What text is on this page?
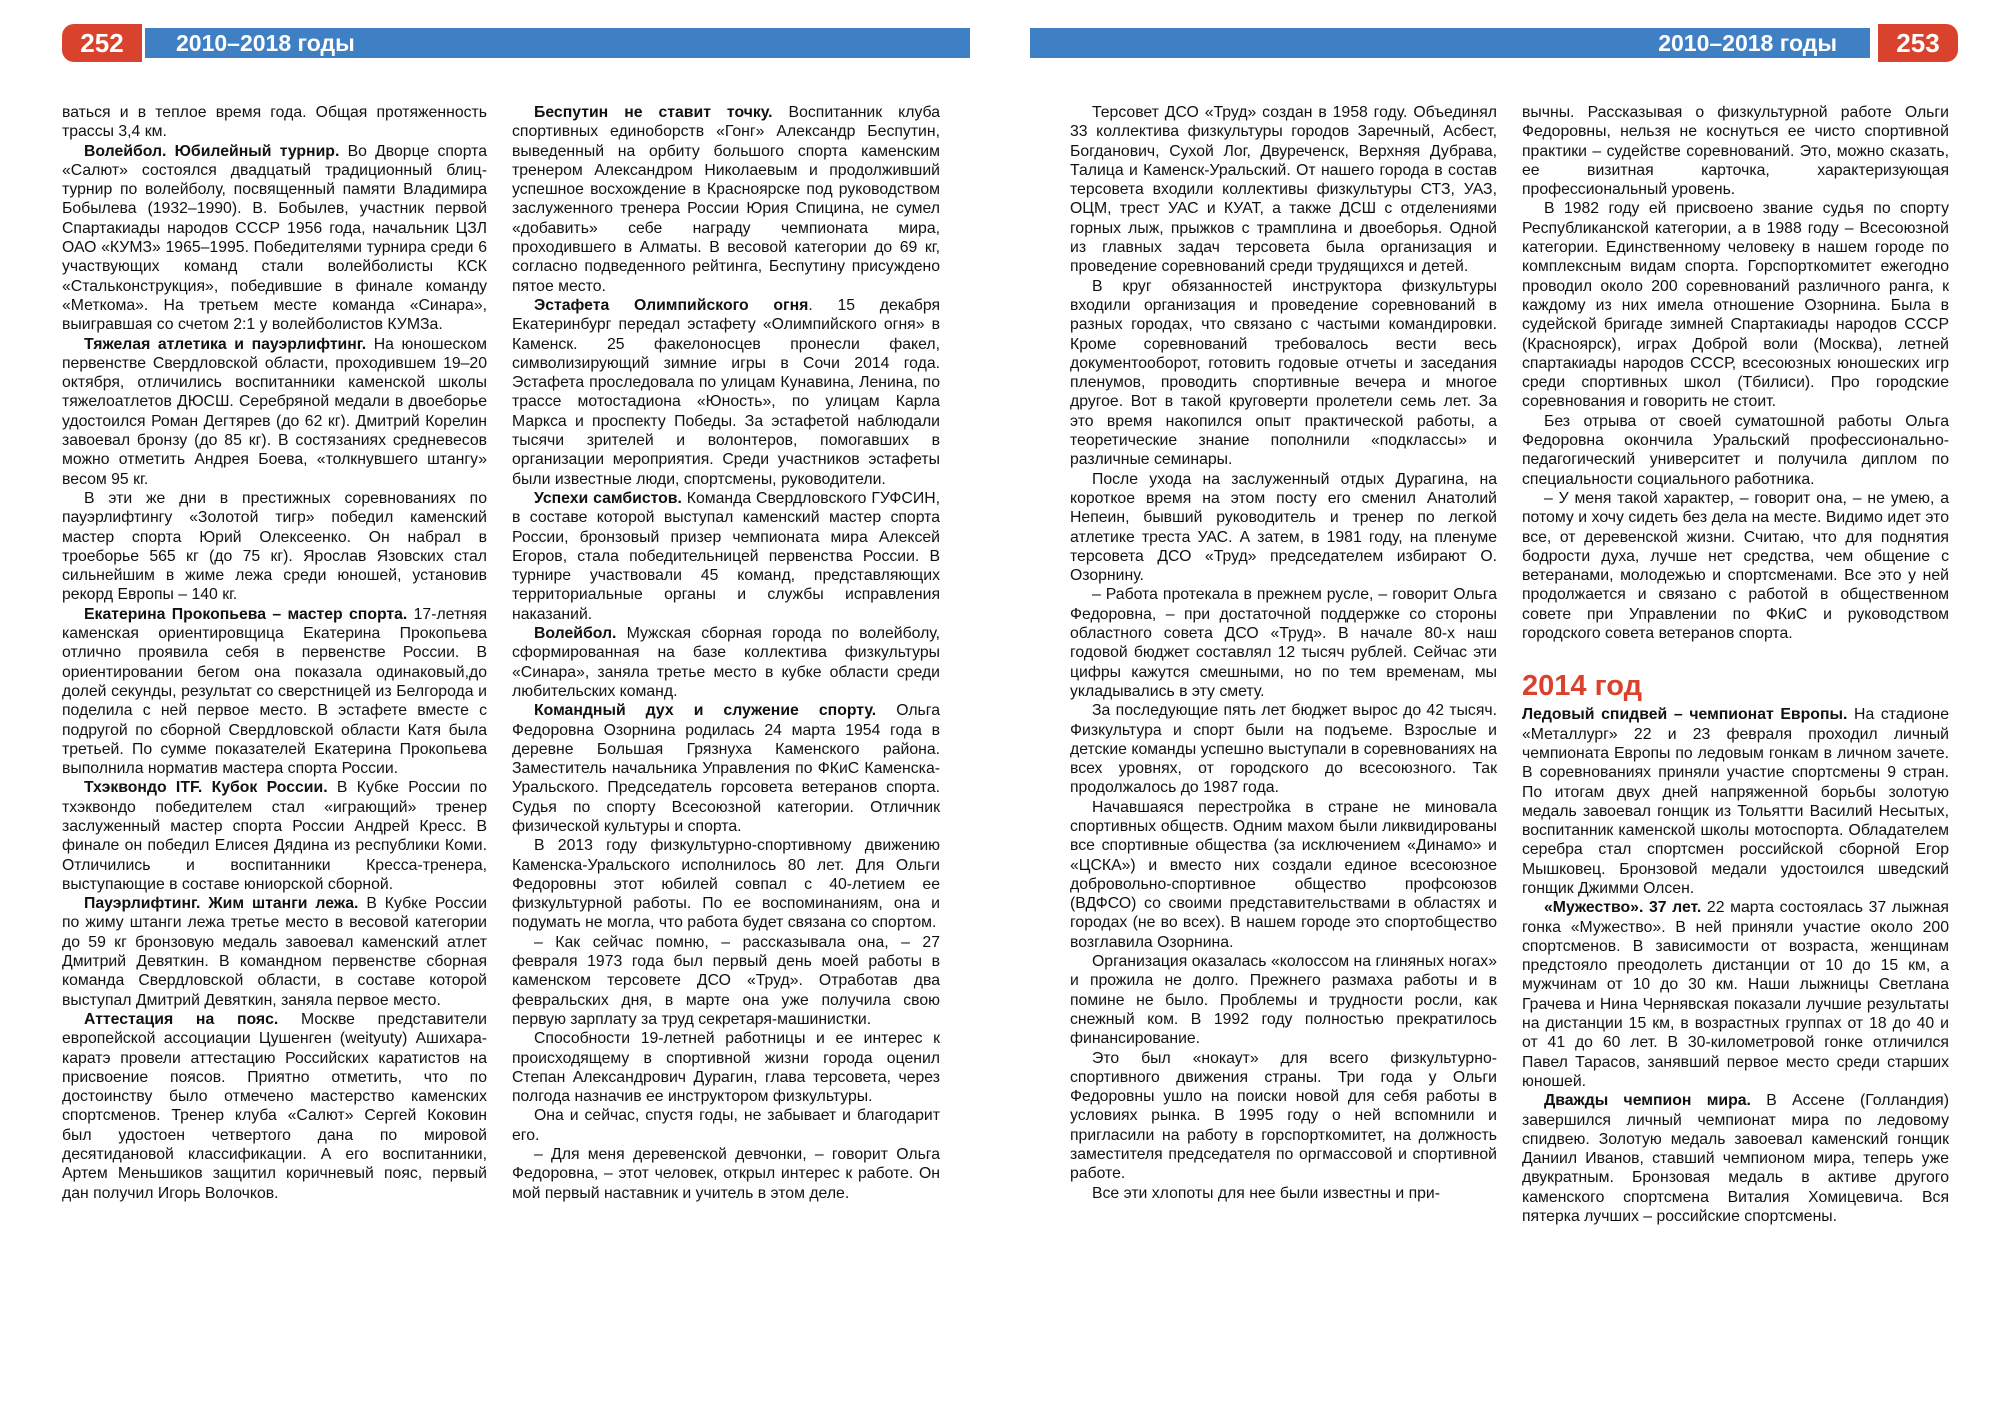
252	253
2010–2018 годы	2010–2018 годы

ваться и в теплое время года. Общая протяженность трассы 3,4 км.

Волейбол. Юбилейный турнир. Во Дворце спорта «Салют» состоялся двадцатый традиционный блиц-турнир по волейболу, посвященный памяти Владимира Бобылева (1932–1990). В. Бобылев, участник первой Спартакиады народов СССР 1956 года, начальник ЦЗЛ ОАО «КУМЗ» 1965–1995. Победителями турнира среди 6 участвующих команд стали волейболисты КСК «Стальконструкция», победившие в финале команду «Меткома». На третьем месте команда «Синара», выигравшая со счетом 2:1 у волейболистов КУМЗа.

Тяжелая атлетика и пауэрлифтинг. На юношеском первенстве Свердловской области, проходившем 19–20 октября, отличились воспитанники каменской школы тяжелоатлетов ДЮСШ. Серебряной медали в двоеборье удостоился Роман Дегтярев (до 62 кг). Дмитрий Корелин завоевал бронзу (до 85 кг). В состязаниях средневесов можно отметить Андрея Боева, «толкнувшего штангу» весом 95 кг.

В эти же дни в престижных соревнованиях по пауэрлифтингу «Золотой тигр» победил каменский мастер спорта Юрий Олексеенко. Он набрал в троеборье 565 кг (до 75 кг). Ярослав Язовских стал сильнейшим в жиме лежа среди юношей, установив рекорд Европы – 140 кг.

Екатерина Прокопьева – мастер спорта. 17-летняя каменская ориентировщица Екатерина Прокопьева отлично проявила себя в первенстве России. В ориентировании бегом она показала одинаковый,до долей секунды, результат со сверстницей из Белгорода и поделила с ней первое место. В эстафете вместе с подругой по сборной Свердловской области Катя была третьей. По сумме показателей Екатерина Прокопьева выполнила норматив мастера спорта России.

Тхэквондо ITF. Кубок России. В Кубке России по тхэквондо победителем стал «играющий» тренер заслуженный мастер спорта России Андрей Кресс. В финале он победил Елисея Дядина из республики Коми. Отличились и воспитанники Кресса-тренера, выступающие в составе юниорской сборной.

Пауэрлифтинг. Жим штанги лежа. В Кубке России по жиму штанги лежа третье место в весовой категории до 59 кг бронзовую медаль завоевал каменский атлет Дмитрий Девяткин. В командном первенстве сборная команда Свердловской области, в составе которой выступал Дмитрий Девяткин, заняла первое место.

Аттестация на пояс. Москве представители европейской ассоциации Цушенген (weityuty) Ашихара-каратэ провели аттестацию Российских каратистов на присвоение поясов. Приятно отметить, что по достоинству было отмечено мастерство каменских спортсменов. Тренер клуба «Салют» Сергей Коковин был удостоен четвертого дана по мировой десятидановой классификации. А его воспитанники, Артем Меньшиков защитил коричневый пояс, первый дан получил Игорь Волочков.

Беспутин не ставит точку. Воспитанник клуба спортивных единоборств «Гонг» Александр Беспутин, выведенный на орбиту большого спорта каменским тренером Александром Николаевым и продолживший успешное восхождение в Красноярске под руководством заслуженного тренера России Юрия Спицина, не сумел «добавить» себе награду чемпионата мира, проходившего в Алматы. В весовой категории до 69 кг, согласно подведенного рейтинга, Беспутину присуждено пятое место.

Эстафета Олимпийского огня. 15 декабря Екатеринбург передал эстафету «Олимпийского огня» в Каменск. 25 факелоносцев пронесли факел, символизирующий зимние игры в Сочи 2014 года. Эстафета проследовала по улицам Кунавина, Ленина, по трассе мотостадиона «Юность», по улицам Карла Маркса и проспекту Победы. За эстафетой наблюдали тысячи зрителей и волонтеров, помогавших в организации мероприятия. Среди участников эстафеты были известные люди, спортсмены, руководители.

Успехи самбистов. Команда Свердловского ГУФСИН, в составе которой выступал каменский мастер спорта России, бронзовый призер чемпионата мира Алексей Егоров, стала победительницей первенства России. В турнире участвовали 45 команд, представляющих территориальные органы и службы исправления наказаний.

Волейбол. Мужская сборная города по волейболу, сформированная на базе коллектива физкультуры «Синара», заняла третье место в кубке области среди любительских команд.

Командный дух и служение спорту. Ольга Федоровна Озорнина родилась 24 марта 1954 года в деревне Большая Грязнуха Каменского района. Заместитель начальника Управления по ФКиС Каменска-Уральского. Председатель горсовета ветеранов спорта. Судья по спорту Всесоюзной категории. Отличник физической культуры и спорта.

В 2013 году физкультурно-спортивному движению Каменска-Уральского исполнилось 80 лет. Для Ольги Федоровны этот юбилей совпал с 40-летием ее физкультурной работы. По ее воспоминаниям, она и подумать не могла, что работа будет связана со спортом.

– Как сейчас помню, – рассказывала она, – 27 февраля 1973 года был первый день моей работы в каменском терсовете ДСО «Труд». Отработав два февральских дня, в марте она уже получила свою первую зарплату за труд секретаря-машинистки.

Способности 19-летней работницы и ее интерес к происходящему в спортивной жизни города оценил Степан Александрович Дурагин, глава терсовета, через полгода назначив ее инструктором физкультуры.

Она и сейчас, спустя годы, не забывает и благодарит его.

– Для меня деревенской девчонки, – говорит Ольга Федоровна, – этот человек, открыл интерес к работе. Он мой первый наставник и учитель в этом деле.

Терсовет ДСО «Труд» создан в 1958 году. Объединял 33 коллектива физкультуры городов Заречный, Асбест, Богданович, Сухой Лог, Двуреченск, Верхняя Дубрава, Талица и Каменск-Уральский. От нашего города в состав терсовета входили коллективы физкультуры СТЗ, УАЗ, ОЦМ, трест УАС и КУАТ, а также ДСШ с отделениями горных лыж, прыжков с трамплина и двоеборья. Одной из главных задач терсовета была организация и проведение соревнований среди трудящихся и детей.

В круг обязанностей инструктора физкультуры входили организация и проведение соревнований в разных городах, что связано с частыми командировки. Кроме соревнований требовалось вести весь документооборот, готовить годовые отчеты и заседания пленумов, проводить спортивные вечера и многое другое. Вот в такой круговерти пролетели семь лет. За это время накопился опыт практической работы, а теоретические знание пополнили «подклассы» и различные семинары.

После ухода на заслуженный отдых Дурагина, на короткое время на этом посту его сменил Анатолий Непеин, бывший руководитель и тренер по легкой атлетике треста УАС. А затем, в 1981 году, на пленуме терсовета ДСО «Труд» председателем избирают О. Озорнину.

– Работа протекала в прежнем русле, – говорит Ольга Федоровна, – при достаточной поддержке со стороны областного совета ДСО «Труд». В начале 80-х наш годовой бюджет составлял 12 тысяч рублей. Сейчас эти цифры кажутся смешными, но по тем временам, мы укладывались в эту смету.

За последующие пять лет бюджет вырос до 42 тысяч. Физкультура и спорт были на подъеме. Взрослые и детские команды успешно выступали в соревнованиях на всех уровнях, от городского до всесоюзного. Так продолжалось до 1987 года.

Начавшаяся перестройка в стране не миновала спортивных обществ. Одним махом были ликвидированы все спортивные общества (за исключением «Динамо» и «ЦСКА») и вместо них создали единое всесоюзное добровольно-спортивное общество профсоюзов (ВДФСО) со своими представительствами в областях и городах (не во всех). В нашем городе это спортобщество возглавила Озорнина.

Организация оказалась «колоссом на глиняных ногах» и прожила не долго. Прежнего размаха работы и в помине не было. Проблемы и трудности росли, как снежный ком. В 1992 году полностью прекратилось финансирование.

Это был «нокаут» для всего физкультурно-спортивного движения страны. Три года у Ольги Федоровны ушло на поиски новой для себя работы в условиях рынка. В 1995 году о ней вспомнили и пригласили на работу в горспорткомитет, на должность заместителя председателя по оргмассовой и спортивной работе.

Все эти хлопоты для нее были известны и при-

вычны. Рассказывая о физкультурной работе Ольги Федоровны, нельзя не коснуться ее чисто спортивной практики – судействе соревнований. Это, можно сказать, ее визитная карточка, характеризующая профессиональный уровень.

В 1982 году ей присвоено звание судья по спорту Республиканской категории, а в 1988 году – Всесоюзной категории. Единственному человеку в нашем городе по комплексным видам спорта. Горспорткомитет ежегодно проводил около 200 соревнований различного ранга, к каждому из них имела отношение Озорнина. Была в судейской бригаде зимней Спартакиады народов СССР (Красноярск), играх Доброй воли (Москва), летней спартакиады народов СССР, всесоюзных юношеских игр среди спортивных школ (Тбилиси). Про городские соревнования и говорить не стоит.

Без отрыва от своей суматошной работы Ольга Федоровна окончила Уральский профессионально-педагогический университет и получила диплом по специальности социального работника.

– У меня такой характер, – говорит она, – не умею, а потому и хочу сидеть без дела на месте. Видимо идет это все, от деревенской жизни. Считаю, что для поднятия бодрости духа, лучше нет средства, чем общение с ветеранами, молодежью и спортсменами. Все это у ней продолжается и связано с работой в общественном совете при Управлении по ФКиС и руководством городского совета ветеранов спорта.

2014 год

Ледовый спидвей – чемпионат Европы. На стадионе «Металлург» 22 и 23 февраля проходил личный чемпионата Европы по ледовым гонкам в личном зачете. В соревнованиях приняли участие спортсмены 9 стран. По итогам двух дней напряженной борьбы золотую медаль завоевал гонщик из Тольятти Василий Несытых, воспитанник каменской школы мотоспорта. Обладателем серебра стал спортсмен российской сборной Егор Мышковец. Бронзовой медали удостоился шведский гонщик Джимми Олсен.

«Мужество». 37 лет. 22 марта состоялась 37 лыжная гонка «Мужество». В ней приняли участие около 200 спортсменов. В зависимости от возраста, женщинам предстояло преодолеть дистанции от 10 до 15 км, а мужчинам от 10 до 30 км. Наши лыжницы Светлана Грачева и Нина Чернявская показали лучшие результаты на дистанции 15 км, в возрастных группах от 18 до 40 и от 41 до 60 лет. В 30-километровой гонке отличился Павел Тарасов, занявший первое место среди старших юношей.

Дважды чемпион мира. В Ассене (Голландия) завершился личный чемпионат мира по ледовому спидвею. Золотую медаль завоевал каменский гонщик Даниил Иванов, ставший чемпионом мира, теперь уже двукратным. Бронзовая медаль в активе другого каменского спортсмена Виталия Хомицевича. Вся пятерка лучших – российские спортсмены.
